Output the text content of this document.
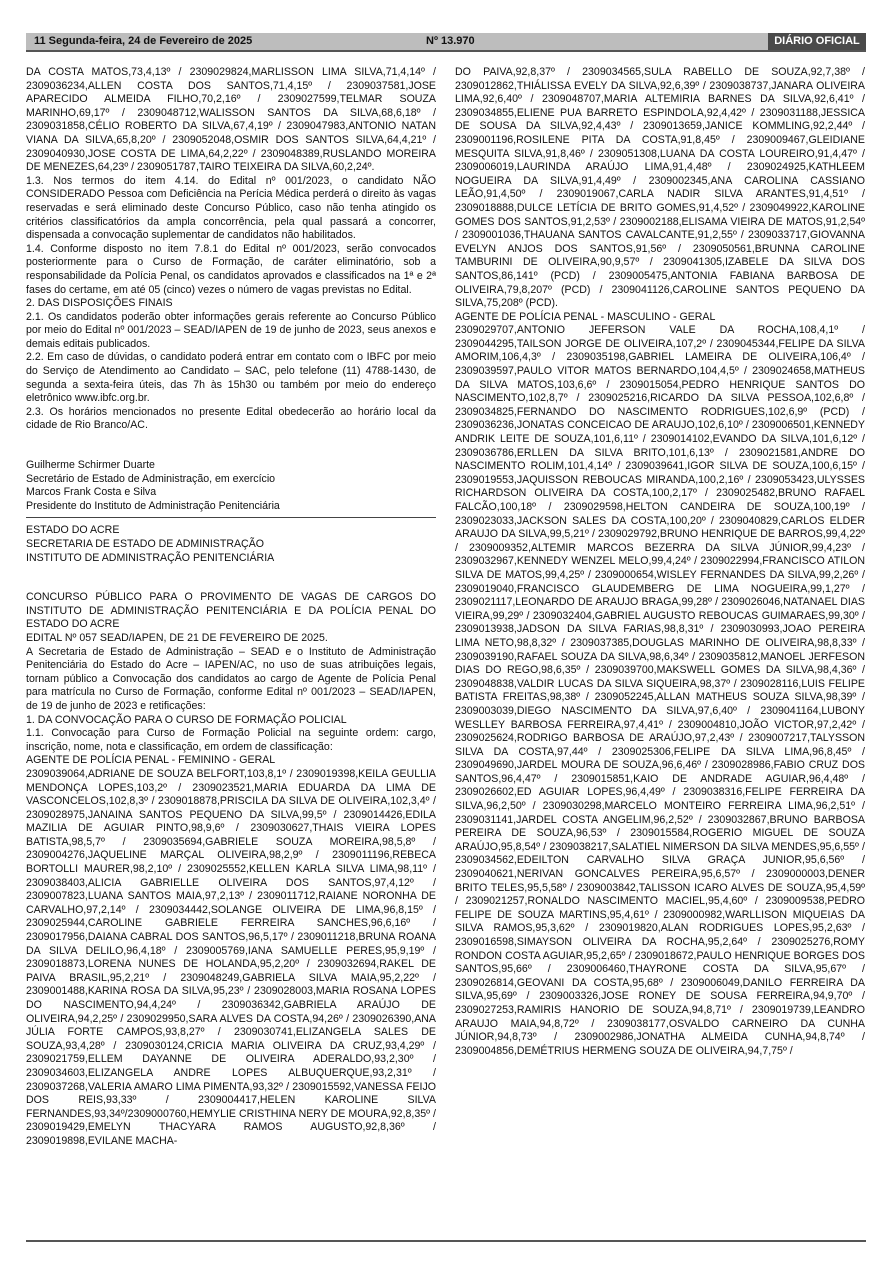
11 Segunda-feira, 24 de Fevereiro de 2025	Nº 13.970	DIÁRIO OFICIAL

DA COSTA MATOS,73,4,13º / 2309029824,MARLISSON LIMA SILVA,71,4,14º / 2309036234,ALLEN COSTA DOS SANTOS,71,4,15º / 2309037581,JOSE APARECIDO ALMEIDA FILHO,70,2,16º / 2309027599,TELMAR SOUZA MARINHO,69,17º / 2309048712,WALISSON SANTOS DA SILVA,68,6,18º / 2309031858,CÉLIO ROBERTO DA SILVA,67,4,19º / 2309047983,ANTONIO NATAN VIANA DA SILVA,65,8,20º / 2309052048,OSMIR DOS SANTOS SILVA,64,4,21º / 2309040930,JOSE COSTA DE LIMA,64,2,22º / 2309048389,RUSLANDO MOREIRA DE MENEZES,64,23º / 2309051787,TAIRO TEIXEIRA DA SILVA,60,2,24º.

1.3. Nos termos do item 4.14. do Edital nº 001/2023, o candidato NÃO CONSIDERADO Pessoa com Deficiência na Perícia Médica perderá o direito às vagas reservadas e será eliminado deste Concurso Público, caso não tenha atingido os critérios classificatórios da ampla concorrência, pela qual passará a concorrer, dispensada a convocação suplementar de candidatos não habilitados.

1.4. Conforme disposto no item 7.8.1 do Edital nº 001/2023, serão convocados posteriormente para o Curso de Formação, de caráter eliminatório, sob a responsabilidade da Polícia Penal, os candidatos aprovados e classificados na 1ª e 2ª fases do certame, em até 05 (cinco) vezes o número de vagas previstas no Edital.

2. DAS DISPOSIÇÕES FINAIS

2.1. Os candidatos poderão obter informações gerais referente ao Concurso Público por meio do Edital nº 001/2023 – SEAD/IAPEN de 19 de junho de 2023, seus anexos e demais editais publicados.

2.2. Em caso de dúvidas, o candidato poderá entrar em contato com o IBFC por meio do Serviço de Atendimento ao Candidato – SAC, pelo telefone (11) 4788-1430, de segunda a sexta-feira úteis, das 7h às 15h30 ou também por meio do endereço eletrônico www.ibfc.org.br.

2.3. Os horários mencionados no presente Edital obedecerão ao horário local da cidade de Rio Branco/AC.

Guilherme Schirmer Duarte

Secretário de Estado de Administração, em exercício

Marcos Frank Costa e Silva

Presidente do Instituto de Administração Penitenciária

ESTADO DO ACRE

SECRETARIA DE ESTADO DE ADMINISTRAÇÃO

INSTITUTO DE ADMINISTRAÇÃO PENITENCIÁRIA

CONCURSO PÚBLICO PARA O PROVIMENTO DE VAGAS DE CARGOS DO INSTITUTO DE ADMINISTRAÇÃO PENITENCIÁRIA E DA POLÍCIA PENAL DO ESTADO DO ACRE

EDITAL Nº 057 SEAD/IAPEN, DE 21 DE FEVEREIRO DE 2025.

A Secretaria de Estado de Administração – SEAD e o Instituto de Administração Penitenciária do Estado do Acre – IAPEN/AC, no uso de suas atribuições legais, tornam público a Convocação dos candidatos ao cargo de Agente de Polícia Penal para matrícula no Curso de Formação, conforme Edital nº 001/2023 – SEAD/IAPEN, de 19 de junho de 2023 e retificações:

1. DA CONVOCAÇÃO PARA O CURSO DE FORMAÇÃO POLICIAL

1.1. Convocação para Curso de Formação Policial na seguinte ordem: cargo, inscrição, nome, nota e classificação, em ordem de classificação:

AGENTE DE POLÍCIA PENAL - FEMININO - GERAL

2309039064,ADRIANE DE SOUZA BELFORT,103,8,1º / 2309019398,KEILA GEULLIA MENDONÇA LOPES,103,2º / 2309023521,MARIA EDUARDA DA LIMA DE VASCONCELOS,102,8,3º / 2309018878,PRISCILA DA SILVA DE OLIVEIRA,102,3,4º / 2309028975,JANAINA SANTOS PEQUENO DA SILVA,99,5º / 2309014426,EDILA MAZILIA DE AGUIAR PINTO,98,9,6º / 2309030627,THAIS VIEIRA LOPES BATISTA,98,5,7º / 2309035694,GABRIELE SOUZA MOREIRA,98,5,8º / 2309004276,JAQUELINE MARÇAL OLIVEIRA,98,2,9º / 2309011196,REBECA BORTOLLI MAURER,98,2,10º / 2309025552,KELLEN KARLA SILVA LIMA,98,11º / 2309038403,ALICIA GABRIELLE OLIVEIRA DOS SANTOS,97,4,12º / 2309007823,LUANA SANTOS MAIA,97,2,13º / 2309011712,RAIANE NORONHA DE CARVALHO,97,2,14º / 2309034442,SOLANGE OLIVEIRA DE LIMA,96,8,15º / 2309025944,CAROLINE GABRIELE FERREIRA SANCHES,96,6,16º / 2309017956,DAIANA CABRAL DOS SANTOS,96,5,17º / 2309011218,BRUNA ROANA DA SILVA DELILO,96,4,18º / 2309005769,IANA SAMUELLE PERES,95,9,19º / 2309018873,LORENA NUNES DE HOLANDA,95,2,20º / 2309032694,RAKEL DE PAIVA BRASIL,95,2,21º / 2309048249,GABRIELA SILVA MAIA,95,2,22º / 2309001488,KARINA ROSA DA SILVA,95,23º / 2309028003,MARIA ROSANA LOPES DO NASCIMENTO,94,4,24º / 2309036342,GABRIELA ARAÚJO DE OLIVEIRA,94,2,25º / 2309029950,SARA ALVES DA COSTA,94,26º / 2309026390,ANA JÚLIA FORTE CAMPOS,93,8,27º / 2309030741,ELIZANGELA SALES DE SOUZA,93,4,28º / 2309030124,CRICIA MARIA OLIVEIRA DA CRUZ,93,4,29º / 2309021759,ELLEM DAYANNE DE OLIVEIRA ADERALDO,93,2,30º / 2309034603,ELIZANGELA ANDRE LOPES ALBUQUERQUE,93,2,31º / 2309037268,VALERIA AMARO LIMA PIMENTA,93,32º / 2309015592,VANESSA FEIJO DOS REIS,93,33º / 2309004417,HELEN KAROLINE SILVA FERNANDES,93,34º/2309000760,HEMYLIE CRISTHINA NERY DE MOURA,92,8,35º / 2309019429,EMELYN THACYARA RAMOS AUGUSTO,92,8,36º / 2309019898,EVILANE MACHA-

DO PAIVA,92,8,37º / 2309034565,SULA RABELLO DE SOUZA,92,7,38º / 2309012862,THIÁLISSA EVELY DA SILVA,92,6,39º / 2309038737,JANARA OLIVEIRA LIMA,92,6,40º / 2309048707,MARIA ALTEMIRIA BARNES DA SILVA,92,6,41º / 2309034855,ELIENE PUA BARRETO ESPINDOLA,92,4,42º / 2309031188,JESSICA DE SOUSA DA SILVA,92,4,43º / 2309013659,JANICE KOMMLING,92,2,44º / 2309001196,ROSILENE PITA DA COSTA,91,8,45º / 2309009467,GLEIDIANE MESQUITA SILVA,91,8,46º / 2309051308,LUANA DA COSTA LOUREIRO,91,4,47º / 2309006019,LAURINDA ARAÚJO LIMA,91,4,48º / 2309024925,KATHLEEM NOGUEIRA DA SILVA,91,4,49º / 2309002345,ANA CAROLINA CASSIANO LEÃO,91,4,50º / 2309019067,CARLA NADIR SILVA ARANTES,91,4,51º / 2309018888,DULCE LETÍCIA DE BRITO GOMES,91,4,52º / 2309049922,KAROLINE GOMES DOS SANTOS,91,2,53º / 2309002188,ELISAMA VIEIRA DE MATOS,91,2,54º / 2309001036,THAUANA SANTOS CAVALCANTE,91,2,55º / 2309033717,GIOVANNA EVELYN ANJOS DOS SANTOS,91,56º / 2309050561,BRUNNA CAROLINE TAMBURINI DE OLIVEIRA,90,9,57º / 2309041305,IZABELE DA SILVA DOS SANTOS,86,141º (PCD) / 2309005475,ANTONIA FABIANA BARBOSA DE OLIVEIRA,79,8,207º (PCD) / 2309041126,CAROLINE SANTOS PEQUENO DA SILVA,75,208º (PCD).

AGENTE DE POLÍCIA PENAL - MASCULINO - GERAL

2309029707,ANTONIO JEFERSON VALE DA ROCHA,108,4,1º / 2309044295,TAILSON JORGE DE OLIVEIRA,107,2º / 2309045344,FELIPE DA SILVA AMORIM,106,4,3º / 2309035198,GABRIEL LAMEIRA DE OLIVEIRA,106,4º / 2309039597,PAULO VITOR MATOS BERNARDO,104,4,5º / 2309024658,MATHEUS DA SILVA MATOS,103,6,6º / 2309015054,PEDRO HENRIQUE SANTOS DO NASCIMENTO,102,8,7º / 2309025216,RICARDO DA SILVA PESSOA,102,6,8º / 2309034825,FERNANDO DO NASCIMENTO RODRIGUES,102,6,9º (PCD) / 2309036236,JONATAS CONCEICAO DE ARAUJO,102,6,10º / 2309006501,KENNEDY ANDRIK LEITE DE SOUZA,101,6,11º / 2309014102,EVANDO DA SILVA,101,6,12º / 2309036786,ERLLEN DA SILVA BRITO,101,6,13º / 2309021581,ANDRE DO NASCIMENTO ROLIM,101,4,14º / 2309039641,IGOR SILVA DE SOUZA,100,6,15º / 2309019553,JAQUISSON REBOUCAS MIRANDA,100,2,16º / 2309053423,ULYSSES RICHARDSON OLIVEIRA DA COSTA,100,2,17º / 2309025482,BRUNO RAFAEL FALCÃO,100,18º / 2309029598,HELTON CANDEIRA DE SOUZA,100,19º / 2309023033,JACKSON SALES DA COSTA,100,20º / 2309040829,CARLOS ELDER ARAUJO DA SILVA,99,5,21º / 2309029792,BRUNO HENRIQUE DE BARROS,99,4,22º / 2309009352,ALTEMIR MARCOS BEZERRA DA SILVA JÚNIOR,99,4,23º / 2309032967,KENNEDY WENZEL MELO,99,4,24º / 2309022994,FRANCISCO ATILON SILVA DE MATOS,99,4,25º / 2309000654,WISLEY FERNANDES DA SILVA,99,2,26º / 2309019040,FRANCISCO GLAUDEMBERG DE LIMA NOGUEIRA,99,1,27º / 2309021117,LEONARDO DE ARAUJO BRAGA,99,28º / 2309026046,NATANAEL DIAS VIEIRA,99,29º / 2309032404,GABRIEL AUGUSTO REBOUCAS GUIMARAES,99,30º / 2309013938,JADSON DA SILVA FARIAS,98,8,31º / 2309030993,JOAO PEREIRA LIMA NETO,98,8,32º / 2309037385,DOUGLAS MARINHO DE OLIVEIRA,98,8,33º / 2309039190,RAFAEL SOUZA DA SILVA,98,6,34º / 2309035812,MANOEL JERFESON DIAS DO REGO,98,6,35º / 2309039700,MAKSWELL GOMES DA SILVA,98,4,36º / 2309048838,VALDIR LUCAS DA SILVA SIQUEIRA,98,37º / 2309028116,LUIS FELIPE BATISTA FREITAS,98,38º / 2309052245,ALLAN MATHEUS SOUZA SILVA,98,39º / 2309003039,DIEGO NASCIMENTO DA SILVA,97,6,40º / 2309041164,LUBONY WESLLEY BARBOSA FERREIRA,97,4,41º / 2309004810,JOÃO VICTOR,97,2,42º / 2309025624,RODRIGO BARBOSA DE ARAÚJO,97,2,43º / 2309007217,TALYSSON SILVA DA COSTA,97,44º / 2309025306,FELIPE DA SILVA LIMA,96,8,45º / 2309049690,JARDEL MOURA DE SOUZA,96,6,46º / 2309028986,FABIO CRUZ DOS SANTOS,96,4,47º / 2309015851,KAIO DE ANDRADE AGUIAR,96,4,48º / 2309026602,ED AGUIAR LOPES,96,4,49º / 2309038316,FELIPE FERREIRA DA SILVA,96,2,50º / 2309030298,MARCELO MONTEIRO FERREIRA LIMA,96,2,51º / 2309031141,JARDEL COSTA ANGELIM,96,2,52º / 2309032867,BRUNO BARBOSA PEREIRA DE SOUZA,96,53º / 2309015584,ROGERIO MIGUEL DE SOUZA ARAÚJO,95,8,54º / 2309038217,SALATIEL NIMERSON DA SILVA MENDES,95,6,55º / 2309034562,EDEILTON CARVALHO SILVA GRAÇA JUNIOR,95,6,56º / 2309040621,NERIVAN GONCALVES PEREIRA,95,6,57º / 2309000003,DENER BRITO TELES,95,5,58º / 2309003842,TALISSON ICARO ALVES DE SOUZA,95,4,59º / 2309021257,RONALDO NASCIMENTO MACIEL,95,4,60º / 2309009538,PEDRO FELIPE DE SOUZA MARTINS,95,4,61º / 2309000982,WARLLISON MIQUEIAS DA SILVA RAMOS,95,3,62º / 2309019820,ALAN RODRIGUES LOPES,95,2,63º / 2309016598,SIMAYSON OLIVEIRA DA ROCHA,95,2,64º / 2309025276,ROMY RONDON COSTA AGUIAR,95,2,65º / 2309018672,PAULO HENRIQUE BORGES DOS SANTOS,95,66º / 2309006460,THAYRONE COSTA DA SILVA,95,67º / 2309026814,GEOVANI DA COSTA,95,68º / 2309006049,DANILO FERREIRA DA SILVA,95,69º / 2309003326,JOSE RONEY DE SOUSA FERREIRA,94,9,70º / 2309027253,RAMIRIS HANORIO DE SOUZA,94,8,71º / 2309019739,LEANDRO ARAUJO MAIA,94,8,72º / 2309038177,OSVALDO CARNEIRO DA CUNHA JÚNIOR,94,8,73º / 2309002986,JONATHA ALMEIDA CUNHA,94,8,74º / 2309004856,DEMÉTRIUS HERMENG SOUZA DE OLIVEIRA,94,7,75º /
